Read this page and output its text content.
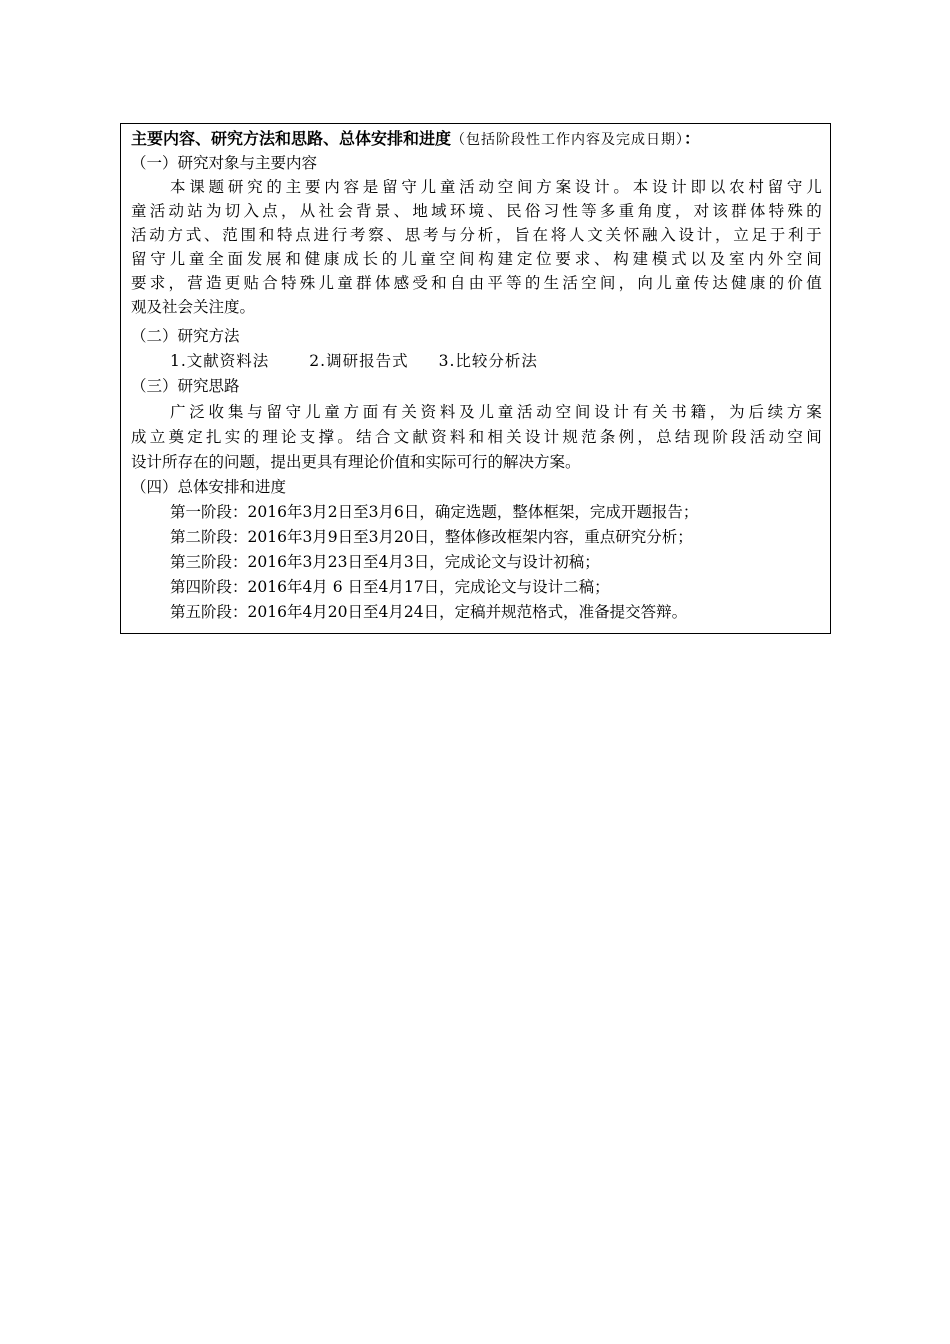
主要内容、研究方法和思路、总体安排和进度（包括阶段性工作内容及完成日期）：
（一）研究对象与主要内容
本课题研究的主要内容是留守儿童活动空间方案设计。本设计即以农村留守儿
童活动站为切入点，从社会背景、地域环境、民俗习性等多重角度，对该群体特殊的
活动方式、范围和特点进行考察、思考与分析，旨在将人文关怀融入设计，立足于利于
留守儿童全面发展和健康成长的儿童空间构建定位要求、构建模式以及室内外空间
要求，营造更贴合特殊儿童群体感受和自由平等的生活空间，向儿童传达健康的价值
观及社会关注度。
（二）研究方法
1.文献资料法	2.调研报告式 3.比较分析法
（三）研究思路
广泛收集与留守儿童方面有关资料及儿童活动空间设计有关书籍，为后续方案
成立奠定扎实的理论支撑。结合文献资料和相关设计规范条例，总结现阶段活动空间
设计所存在的问题，提出更具有理论价值和实际可行的解决方案。
（四）总体安排和进度
第一阶段：2016年3月2日至3月6日，确定选题，整体框架，完成开题报告；
第二阶段：2016年3月9日至3月20日，整体修改框架内容，重点研究分析；
第三阶段：2016年3月23日至4月3日，完成论文与设计初稿；
第四阶段：2016年4月 6 日至4月17日，完成论文与设计二稿；
第五阶段：2016年4月20日至4月24日，定稿并规范格式，准备提交答辩。
